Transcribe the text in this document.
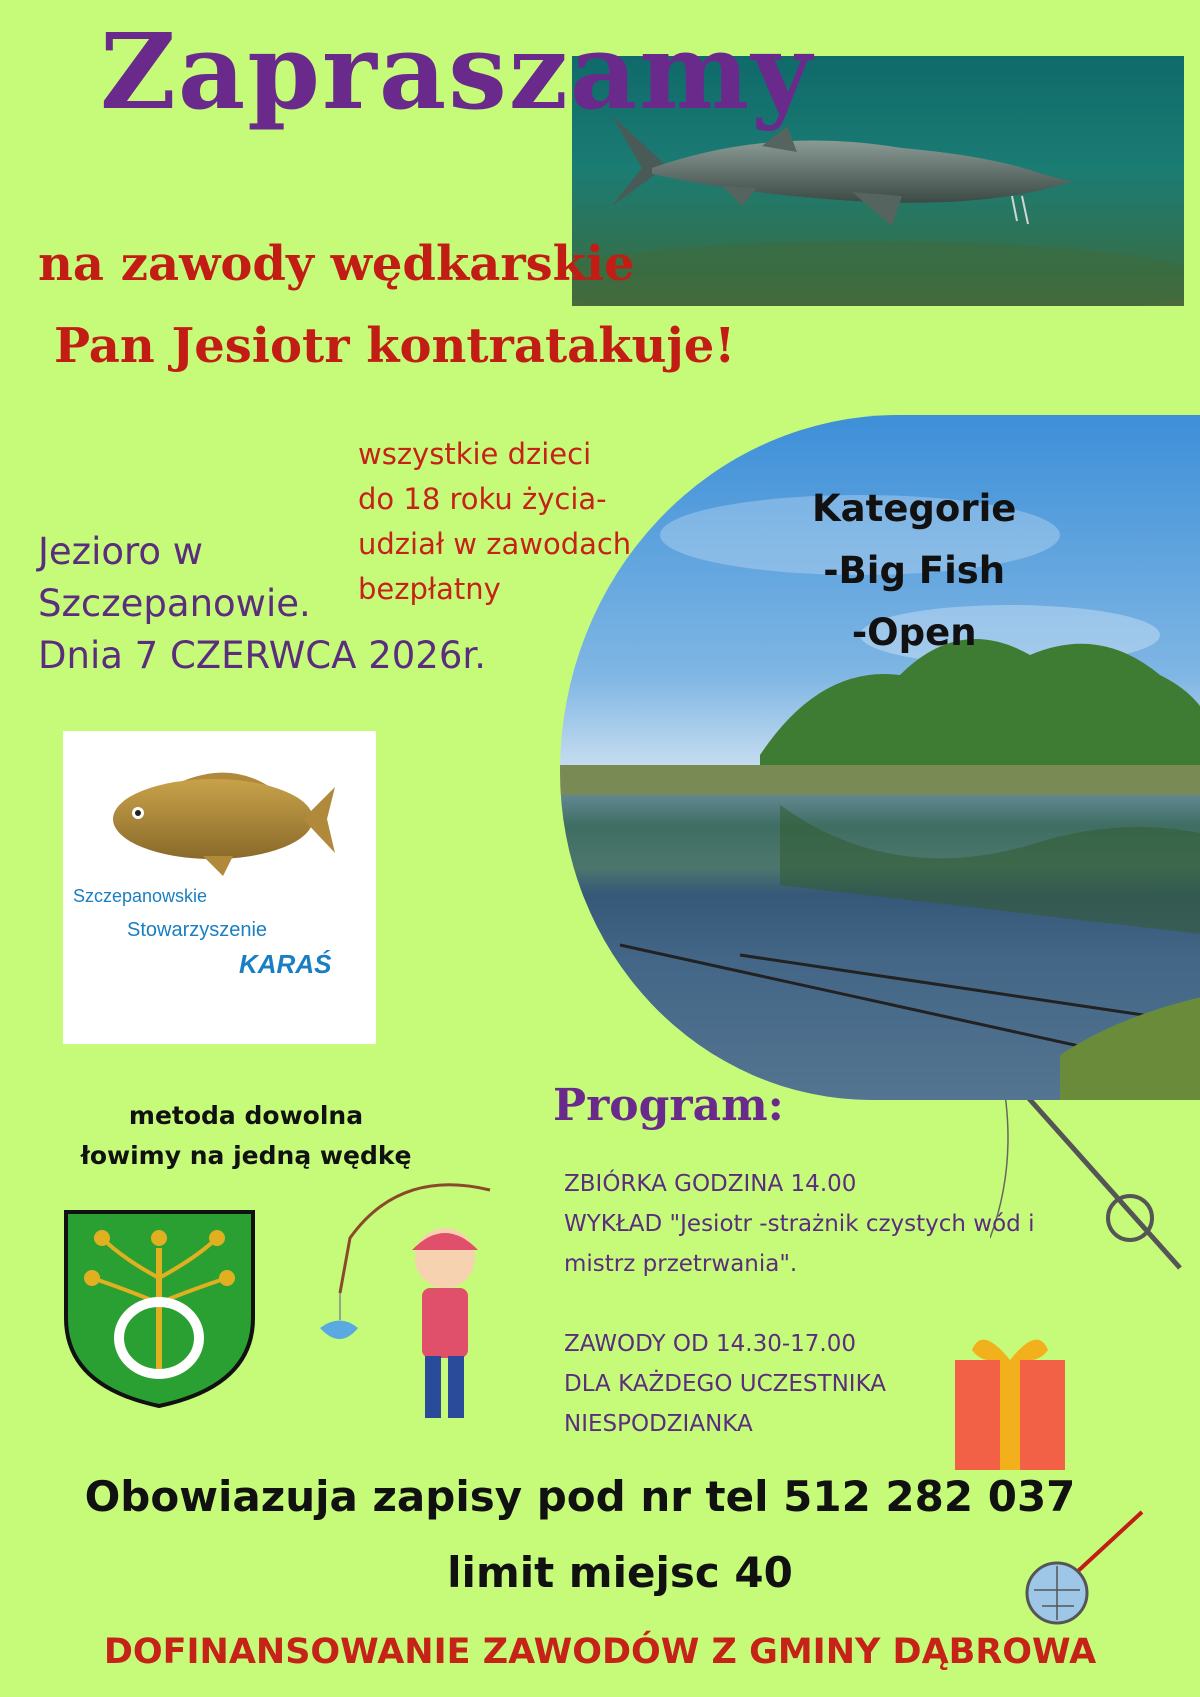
Zapraszamy
na zawody wędkarskie
Pan Jesiotr kontratakuje!
wszystkie dzieci
do 18 roku życia-
udział w zawodach
bezpłatny
Jezioro w
Szczepanowie.
Dnia 7 CZERWCA 2026r.
Kategorie
-Big Fish
-Open
Szczepanowskie
Stowarzyszenie
KARAŚ
metoda dowolna
łowimy na jedną wędkę
Program:
ZBIÓRKA GODZINA 14.00
WYKŁAD "Jesiotr -strażnik czystych wód i
mistrz przetrwania".
ZAWODY OD 14.30-17.00
DLA KAŻDEGO UCZESTNIKA
NIESPODZIANKA
Obowiazuja zapisy pod nr tel 512 282 037
limit miejsc 40
DOFINANSOWANIE ZAWODÓW Z GMINY DĄBROWA
